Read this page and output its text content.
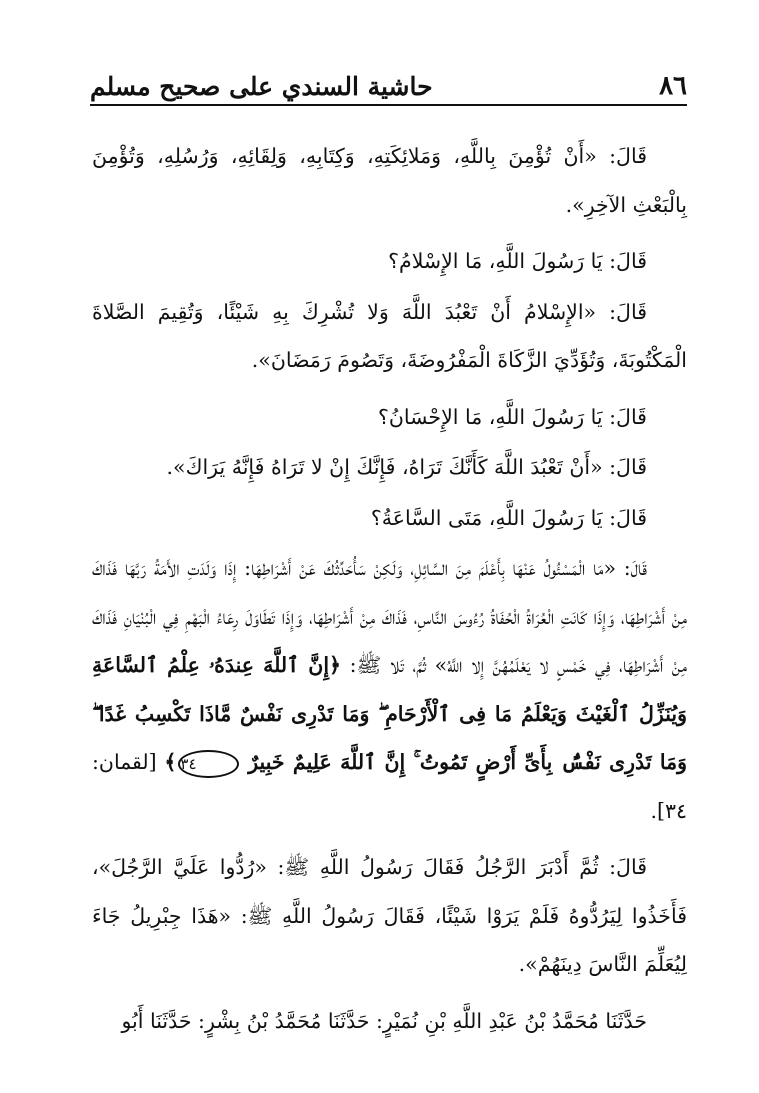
٨٦
حاشية السندي على صحيح مسلم

قَالَ: «أَنْ تُؤْمِنَ بِاللَّهِ، وَمَلائِكَتِهِ، وَكِتَابِهِ، وَلِقَائِهِ، وَرُسُلِهِ، وَتُؤْمِنَ بِالْبَعْثِ الآخِرِ».

قَالَ: يَا رَسُولَ اللَّهِ، مَا الإِسْلامُ؟

قَالَ: «الإِسْلامُ أَنْ تَعْبُدَ اللَّهَ وَلا تُشْرِكَ بِهِ شَيْئًا، وَتُقِيمَ الصَّلاةَ الْمَكْتُوبَةَ، وَتُؤَدِّيَ الزَّكَاةَ الْمَفْرُوضَةَ، وَتَصُومَ رَمَضَانَ».

قَالَ: يَا رَسُولَ اللَّهِ، مَا الإِحْسَانُ؟

قَالَ: «أَنْ تَعْبُدَ اللَّهَ كَأَنَّكَ تَرَاهُ، فَإِنَّكَ إِنْ لا تَرَاهُ فَإِنَّهُ يَرَاكَ».

قَالَ: يَا رَسُولَ اللَّهِ، مَتَى السَّاعَةُ؟

قَالَ: «مَا الْمَسْئُولُ عَنْهَا بِأَعْلَمَ مِنَ السَّائِلِ، وَلَكِنْ سَأُحَدِّثُكَ عَنْ أَشْرَاطِهَا: إِذَا وَلَدَتِ الأَمَةُ رَبَّهَا فَذَاكَ مِنْ أَشْرَاطِهَا، وَإِذَا كَانَتِ الْعُرَاةُ الْحُفَاةُ رُءُوسَ النَّاسِ، فَذَاكَ مِنْ أَشْرَاطِهَا، وَإِذَا تَطَاوَلَ رِعَاءُ الْبَهْمِ فِي الْبُنْيَانِ فَذَاكَ مِنْ أَشْرَاطِهَا، فِي خَمْسٍ لا يَعْلَمُهُنَّ إِلا اللَّهُ» ثُمَّ، تَلا ﷺ: ﴿إِنَّ ٱللَّهَ عِندَهُۥ عِلْمُ ٱلسَّاعَةِ وَيُنَزِّلُ ٱلْغَيْثَ وَيَعْلَمُ مَا فِى ٱلْأَرْحَامِ ۖ وَمَا تَدْرِى نَفْسٌ مَّاذَا تَكْسِبُ غَدًا ۖ وَمَا تَدْرِى نَفْسٌۢ بِأَىِّ أَرْضٍ تَمُوتُ ۚ إِنَّ ٱللَّهَ عَلِيمٌ خَبِيرٌ ٣٤﴾ [لقمان: ٣٤].

قَالَ: ثُمَّ أَدْبَرَ الرَّجُلُ فَقَالَ رَسُولُ اللَّهِ ﷺ: «رُدُّوا عَلَيَّ الرَّجُلَ»، فَأَخَذُوا لِيَرُدُّوهُ فَلَمْ يَرَوْا شَيْئًا، فَقَالَ رَسُولُ اللَّهِ ﷺ: «هَذَا جِبْرِيلُ جَاءَ لِيُعَلِّمَ النَّاسَ دِينَهُمْ».

حَدَّثَنَا مُحَمَّدُ بْنُ عَبْدِ اللَّهِ بْنِ نُمَيْرٍ: حَدَّثَنَا مُحَمَّدُ بْنُ بِشْرٍ: حَدَّثَنَا أَبُو
